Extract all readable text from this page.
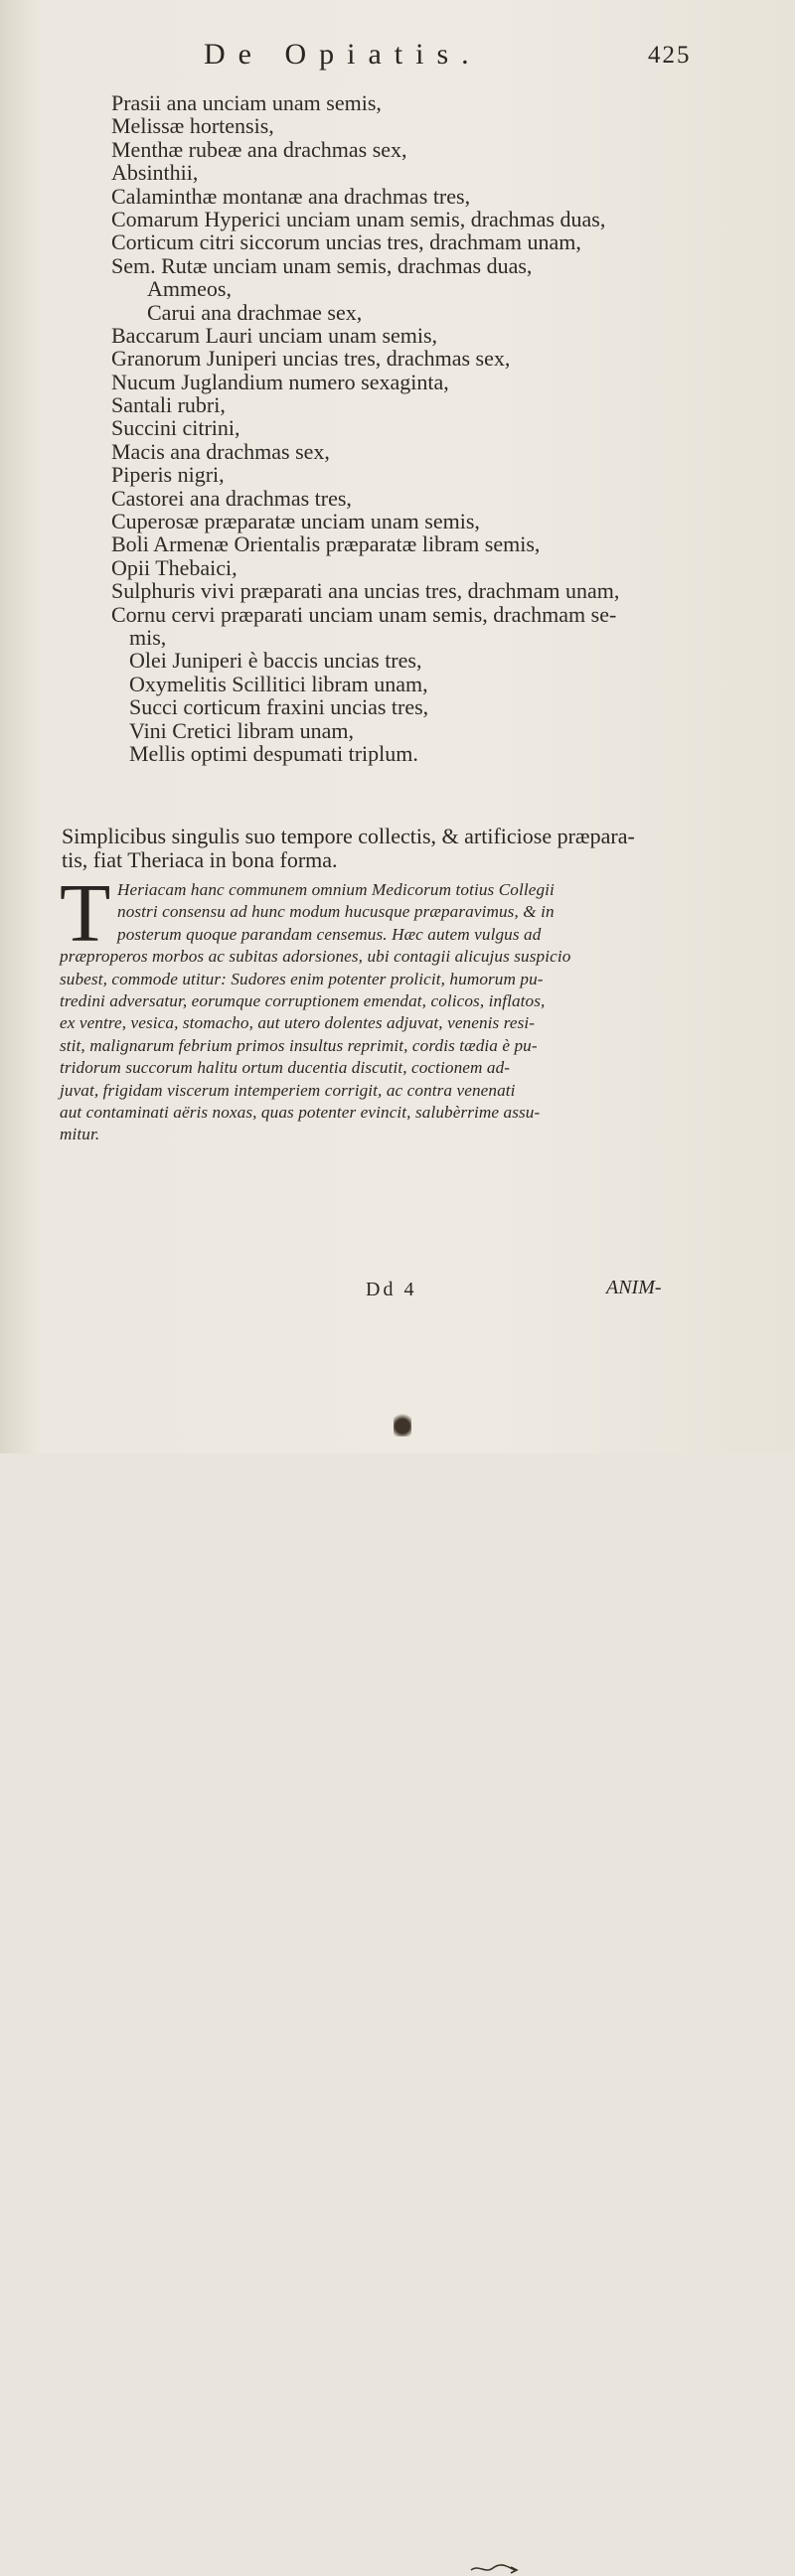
De Opiatis.	425
Prasii ana unciam unam semis,
Melissæ hortensis,
Menthæ rubeæ ana drachmas sex,
Absinthii,
Calaminthæ montanæ ana drachmas tres,
Comarum Hyperici unciam unam semis, drachmas duas,
Corticum citri siccorum uncias tres, drachmam unam,
Sem. Rutæ unciam unam semis, drachmas duas,
Ammeos,
Carui ana drachmae sex,
Baccarum Lauri unciam unam semis,
Granorum Juniperi uncias tres, drachmas sex,
Nucum Juglandium numero sexaginta,
Santali rubri,
Succini citrini,
Macis ana drachmas sex,
Piperis nigri,
Castorei ana drachmas tres,
Cuperosæ præparatæ unciam unam semis,
Boli Armenæ Orientalis præparatæ libram semis,
Opii Thebaici,
Sulphuris vivi præparati ana uncias tres, drachmam unam,
Cornu cervi præparati unciam unam semis, drachmam se-
mis,
Olei Juniperi è baccis uncias tres,
Oxymelitis Scillitici libram unam,
Succi corticum fraxini uncias tres,
Vini Cretici libram unam,
Mellis optimi despumati triplum.
Simplicibus singulis suo tempore collectis, & artificiose præpara-
tis, fiat Theriaca in bona forma.
T Heriacam hanc communem omnium Medicorum totius Collegii
nostri consensu ad hunc modum hucusque præparavimus, & in
posterum quoque parandam censemus. Hæc autem vulgus ad
præproperos morbos ac subitas adorsiones, ubi contagii alicujus suspicio
subest, commode utitur: Sudores enim potenter prolicit, humorum pu-
tredini adversatur, eorumque corruptionem emendat, colicos, inflatos,
ex ventre, vesica, stomacho, aut utero dolentes adjuvat, venenis resi-
stit, malignarum febrium primos insultus reprimit, cordis tædia è pu-
tridorum succorum halitu ortum ducentia discutit, coctionem ad-
juvat, frigidam viscerum intemperiem corrigit, ac contra venenati
aut contaminati aëris noxas, quas potenter evincit, salubèrrime assu-
mitur.
Dd 4	ANIM-
